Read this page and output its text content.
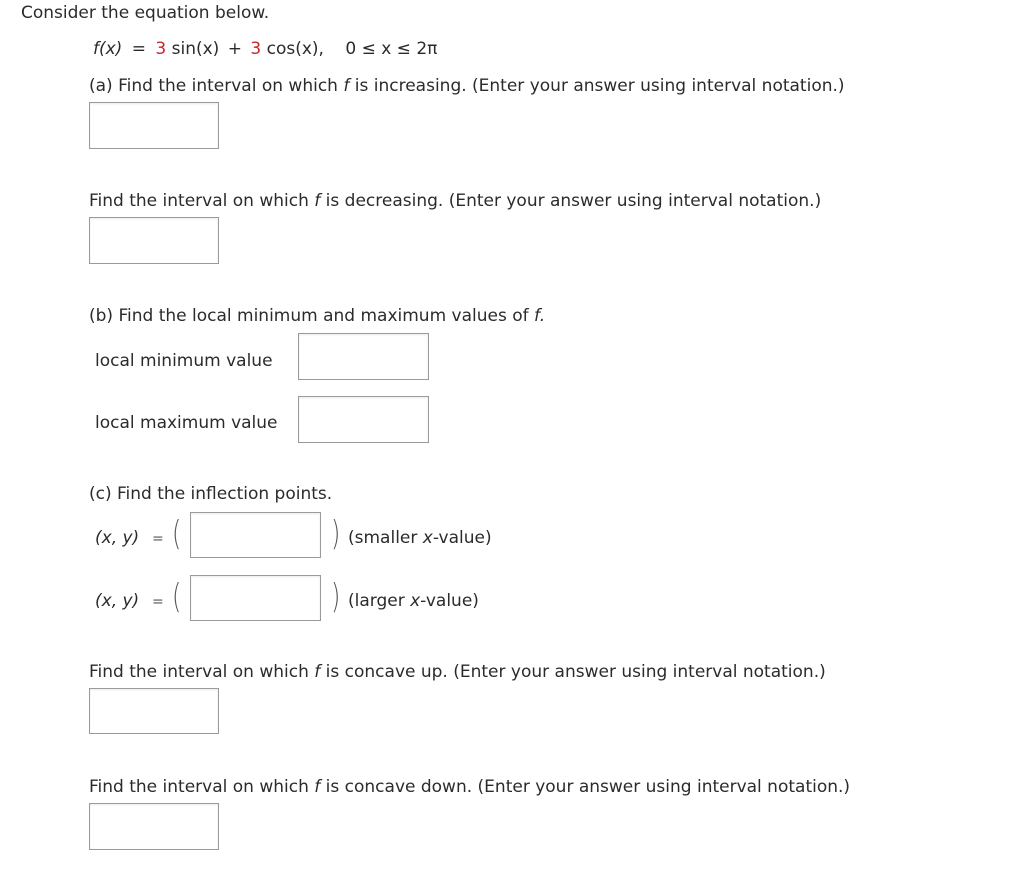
Consider the equation below.
f(x) = 3 sin(x) + 3 cos(x), 0 ≤ x ≤ 2π
(a) Find the interval on which f is increasing. (Enter your answer using interval notation.)
Find the interval on which f is decreasing. (Enter your answer using interval notation.)
(b) Find the local minimum and maximum values of f.
local minimum value
local maximum value
(c) Find the inflection points.
(x, y) = (	) (smaller x-value)
(x, y) = (	) (larger x-value)
Find the interval on which f is concave up. (Enter your answer using interval notation.)
Find the interval on which f is concave down. (Enter your answer using interval notation.)
